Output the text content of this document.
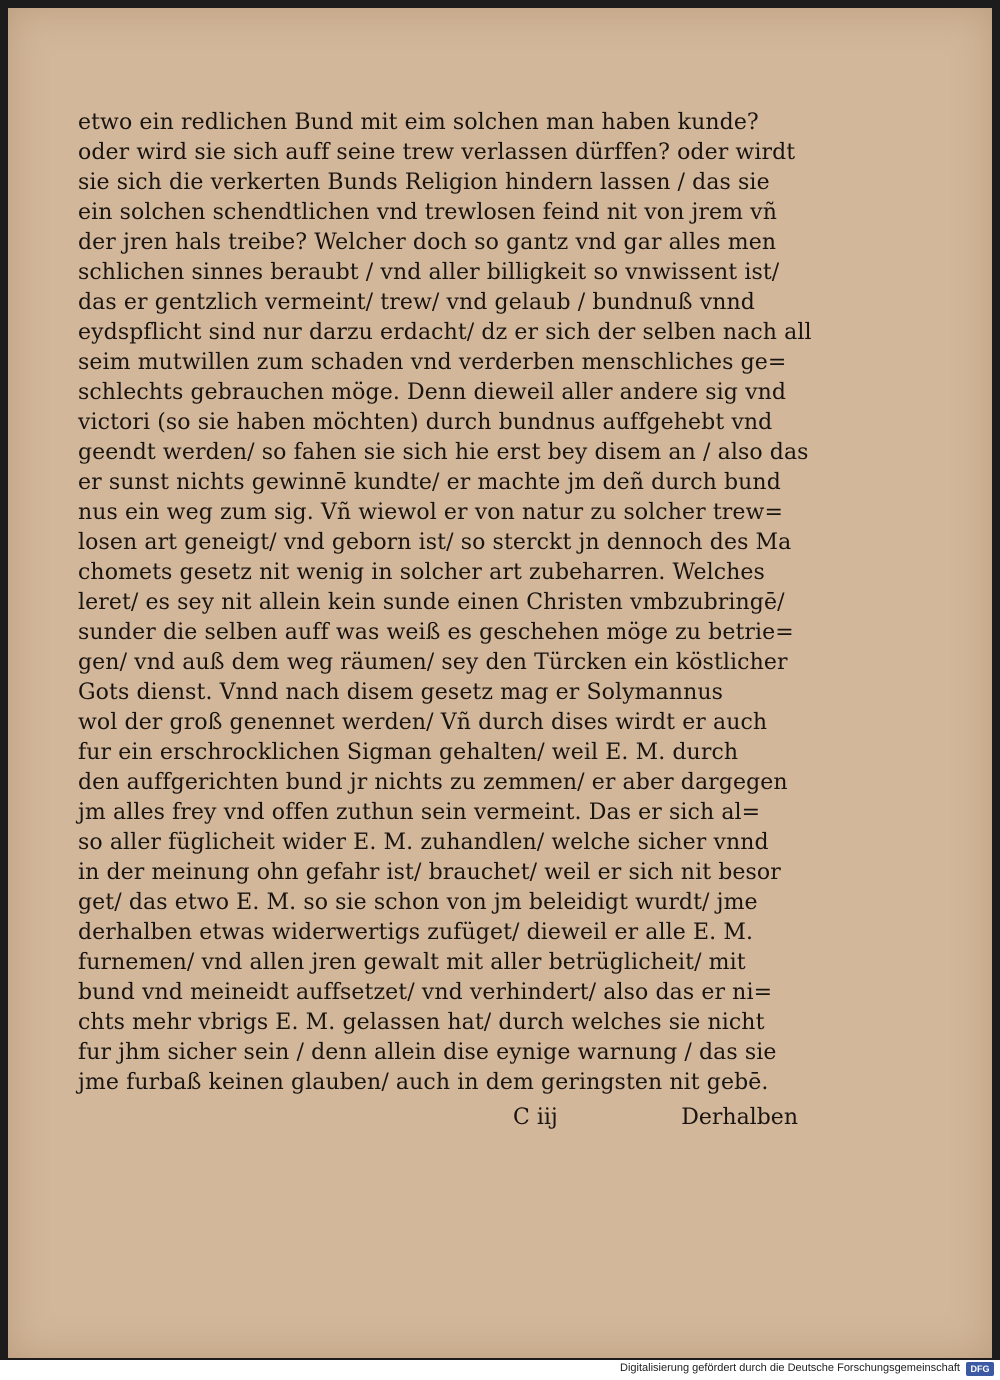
etwo ein redlichen Bund mit eim solchen man haben kunde?

oder wird sie sich auff seine trew verlassen dürffen? oder wirdt

sie sich die verkerten Bunds Religion hindern lassen / das sie

ein solchen schendtlichen vnd trewlosen feind nit von jrem vñ

der jren hals treibe? Welcher doch so gantz vnd gar alles men

schlichen sinnes beraubt / vnd aller billigkeit so vnwissent ist/

das er gentzlich vermeint/ trew/ vnd gelaub / bundnuß vnnd

eydspflicht sind nur darzu erdacht/ dz er sich der selben nach all

seim mutwillen zum schaden vnd verderben menschliches ge=

schlechts gebrauchen möge. Denn dieweil aller andere sig vnd

victori (so sie haben möchten) durch bundnus auffgehebt vnd

geendt werden/ so fahen sie sich hie erst bey disem an / also das

er sunst nichts gewinnē kundte/ er machte jm deñ durch bund

nus ein weg zum sig. Vñ wiewol er von natur zu solcher trew=

losen art geneigt/ vnd geborn ist/ so sterckt jn dennoch des Ma

chomets gesetz nit wenig in solcher art zubeharren. Welches

leret/ es sey nit allein kein sunde einen Christen vmbzubringē/

sunder die selben auff was weiß es geschehen möge zu betrie=

gen/ vnd auß dem weg räumen/ sey den Türcken ein köstlicher

Gots dienst. Vnnd nach disem gesetz mag er Solymannus

wol der groß genennet werden/ Vñ durch dises wirdt er auch

fur ein erschrocklichen Sigman gehalten/ weil E. M. durch

den auffgerichten bund jr nichts zu zemmen/ er aber dargegen

jm alles frey vnd offen zuthun sein vermeint. Das er sich al=

so aller füglicheit wider E. M. zuhandlen/ welche sicher vnnd

in der meinung ohn gefahr ist/ brauchet/ weil er sich nit besor

get/ das etwo E. M. so sie schon von jm beleidigt wurdt/ jme

derhalben etwas widerwertigs zufüget/ dieweil er alle E. M.

furnemen/ vnd allen jren gewalt mit aller betrüglicheit/ mit

bund vnd meineidt auffsetzet/ vnd verhindert/ also das er ni=

chts mehr vbrigs E. M. gelassen hat/ durch welches sie nicht

fur jhm sicher sein / denn allein dise eynige warnung / das sie

jme furbaß keinen glauben/ auch in dem geringsten nit gebē.

C iij	Derhalben
Digitalisierung gefördert durch die Deutsche Forschungsgemeinschaft	DFG
